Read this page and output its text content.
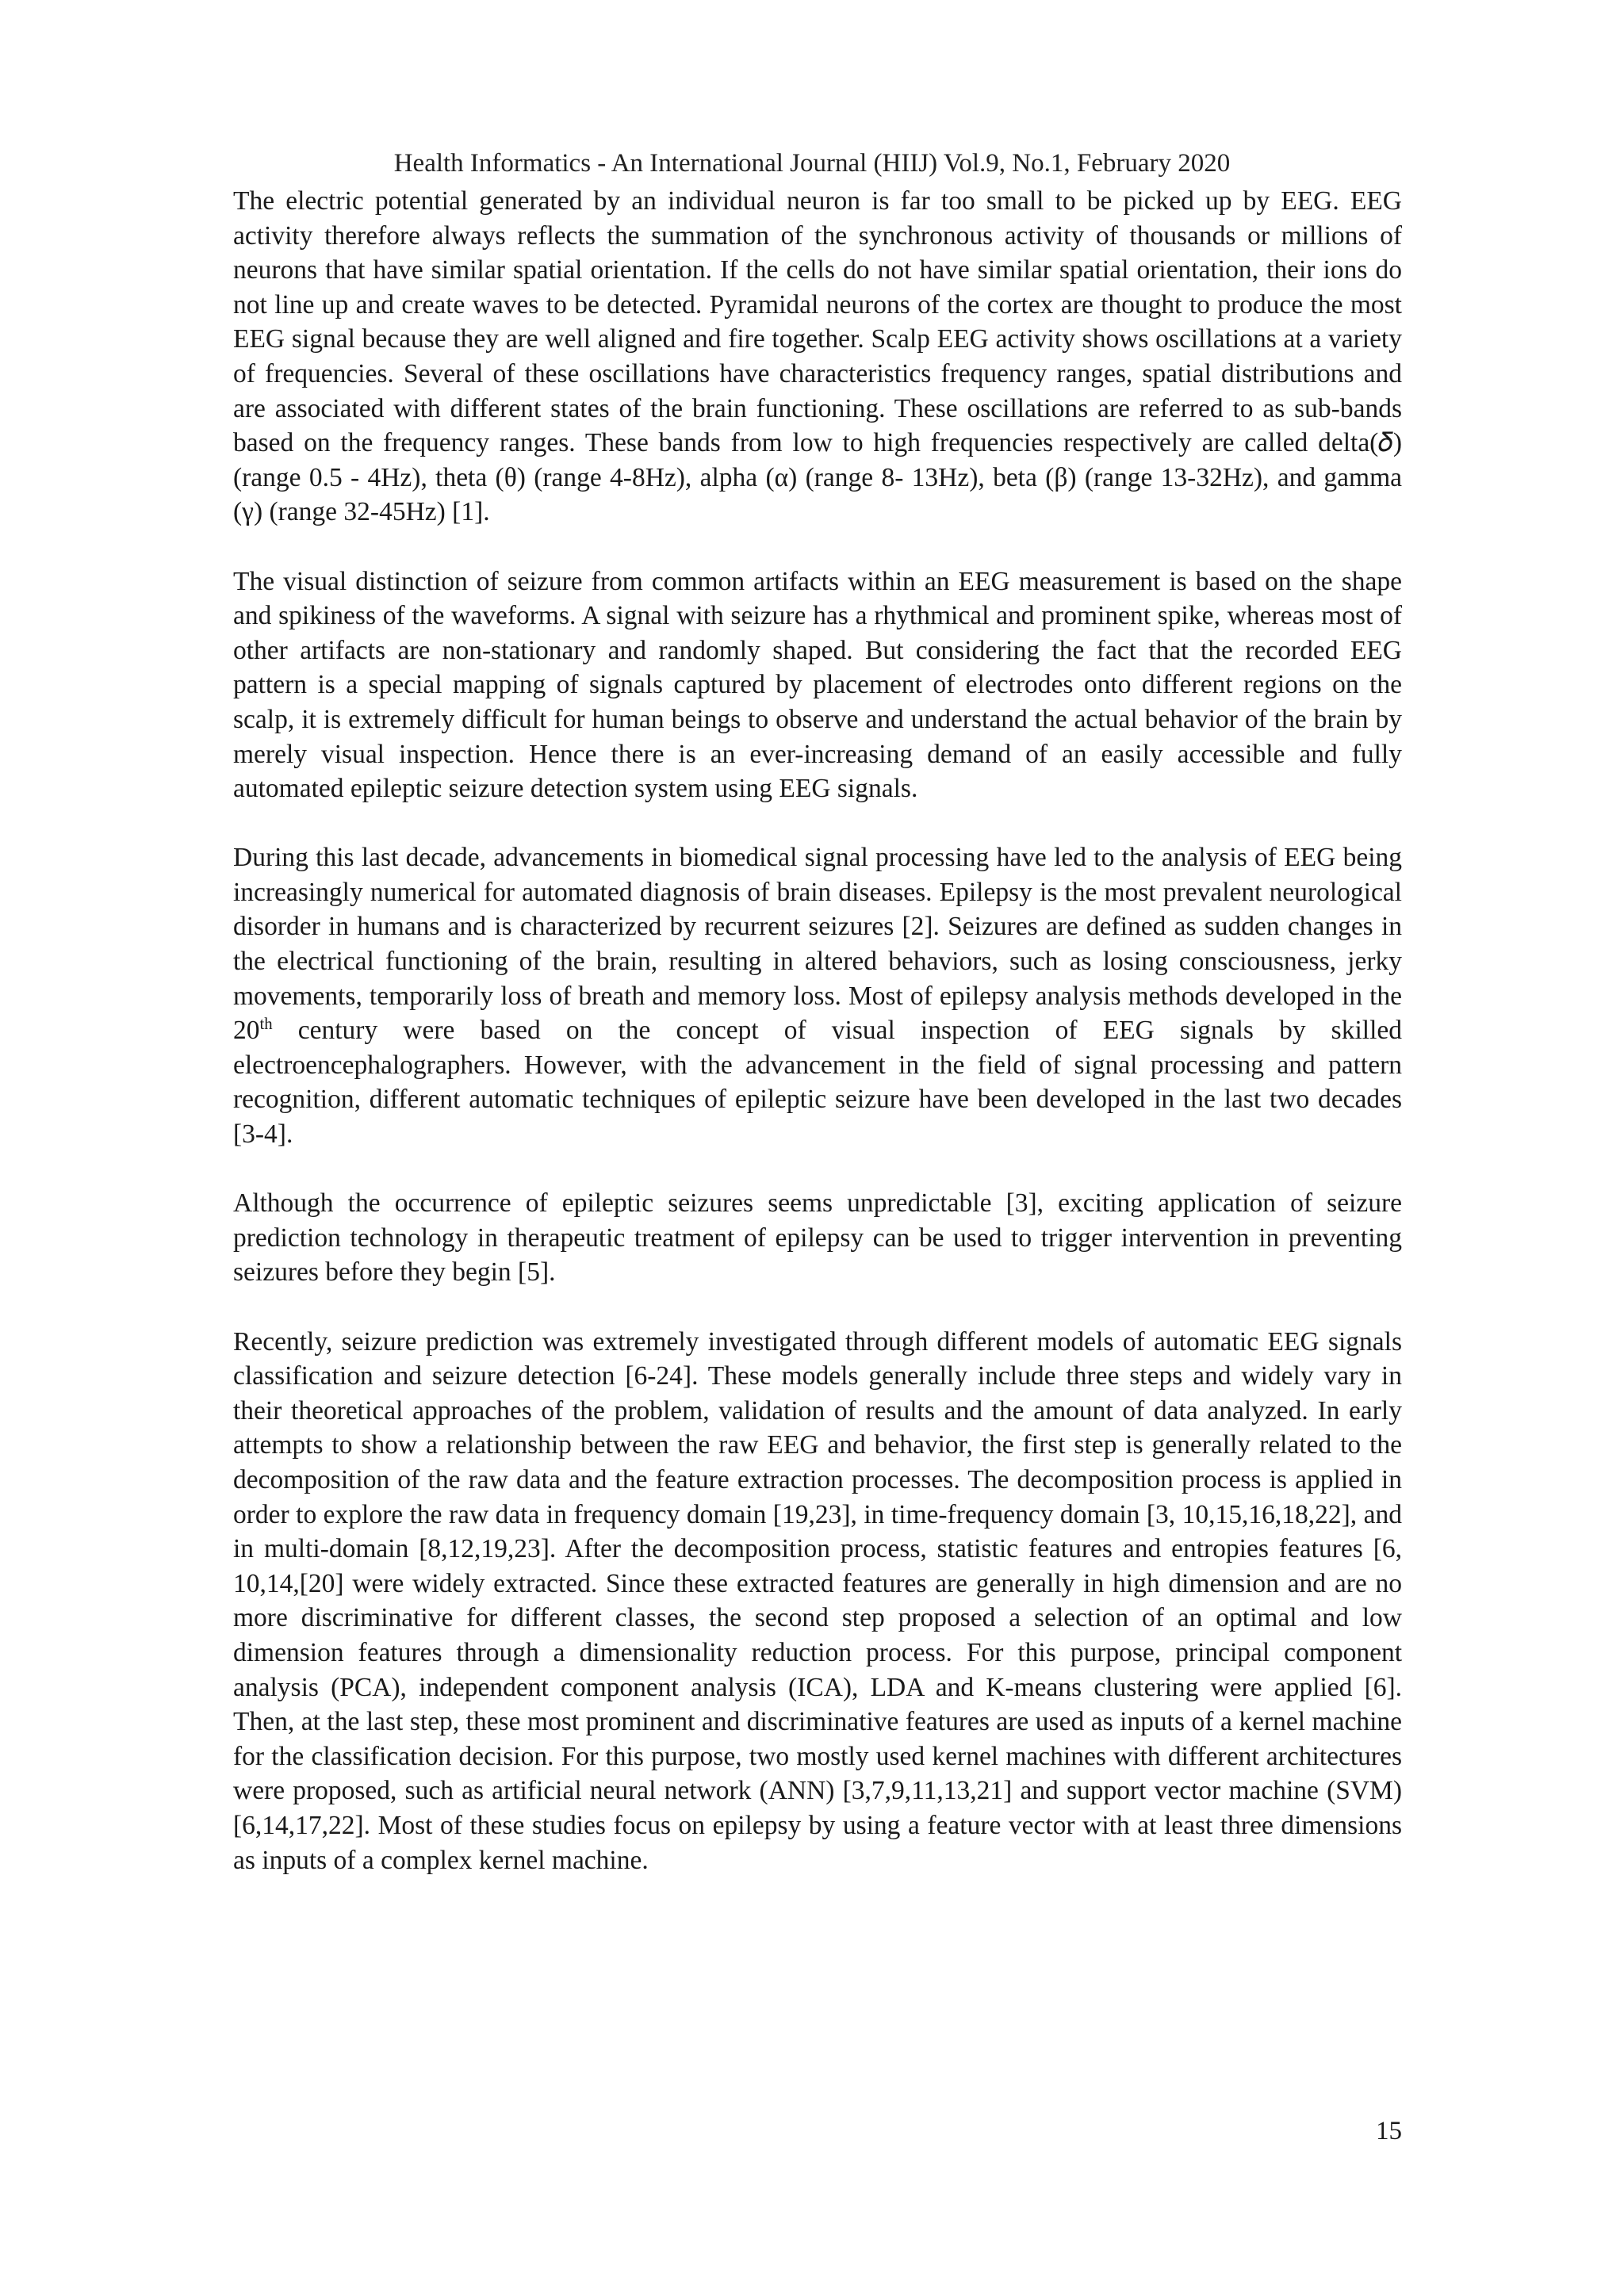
Health Informatics - An International Journal (HIIJ) Vol.9, No.1, February 2020

The electric potential generated by an individual neuron is far too small to be picked up by EEG. EEG activity therefore always reflects the summation of the synchronous activity of thousands or millions of neurons that have similar spatial orientation. If the cells do not have similar spatial orientation, their ions do not line up and create waves to be detected. Pyramidal neurons of the cortex are thought to produce the most EEG signal because they are well aligned and fire together. Scalp EEG activity shows oscillations at a variety of frequencies. Several of these oscillations have characteristics frequency ranges, spatial distributions and are associated with different states of the brain functioning. These oscillations are referred to as sub-bands based on the frequency ranges. These bands from low to high frequencies respectively are called delta(𝛿) (range 0.5 - 4Hz), theta (θ) (range 4-8Hz), alpha (α) (range 8- 13Hz), beta (β) (range 13-32Hz), and gamma (γ) (range 32-45Hz) [1].

The visual distinction of seizure from common artifacts within an EEG measurement is based on the shape and spikiness of the waveforms. A signal with seizure has a rhythmical and prominent spike, whereas most of other artifacts are non-stationary and randomly shaped. But considering the fact that the recorded EEG pattern is a special mapping of signals captured by placement of electrodes onto different regions on the scalp, it is extremely difficult for human beings to observe and understand the actual behavior of the brain by merely visual inspection. Hence there is an ever-increasing demand of an easily accessible and fully automated epileptic seizure detection system using EEG signals.

During this last decade, advancements in biomedical signal processing have led to the analysis of EEG being increasingly numerical for automated diagnosis of brain diseases. Epilepsy is the most prevalent neurological disorder in humans and is characterized by recurrent seizures [2]. Seizures are defined as sudden changes in the electrical functioning of the brain, resulting in altered behaviors, such as losing consciousness, jerky movements, temporarily loss of breath and memory loss. Most of epilepsy analysis methods developed in the 20th century were based on the concept of visual inspection of EEG signals by skilled electroencephalographers. However, with the advancement in the field of signal processing and pattern recognition, different automatic techniques of epileptic seizure have been developed in the last two decades [3-4].

Although the occurrence of epileptic seizures seems unpredictable [3], exciting application of seizure prediction technology in therapeutic treatment of epilepsy can be used to trigger intervention in preventing seizures before they begin [5].

Recently, seizure prediction was extremely investigated through different models of automatic EEG signals classification and seizure detection [6-24]. These models generally include three steps and widely vary in their theoretical approaches of the problem, validation of results and the amount of data analyzed. In early attempts to show a relationship between the raw EEG and behavior, the first step is generally related to the decomposition of the raw data and the feature extraction processes. The decomposition process is applied in order to explore the raw data in frequency domain [19,23], in time-frequency domain [3, 10,15,16,18,22], and in multi-domain [8,12,19,23]. After the decomposition process, statistic features and entropies features [6, 10,14,[20] were widely extracted. Since these extracted features are generally in high dimension and are no more discriminative for different classes, the second step proposed a selection of an optimal and low dimension features through a dimensionality reduction process. For this purpose, principal component analysis (PCA), independent component analysis (ICA), LDA and K-means clustering were applied [6]. Then, at the last step, these most prominent and discriminative features are used as inputs of a kernel machine for the classification decision. For this purpose, two mostly used kernel machines with different architectures were proposed, such as artificial neural network (ANN) [3,7,9,11,13,21] and support vector machine (SVM) [6,14,17,22]. Most of these studies focus on epilepsy by using a feature vector with at least three dimensions as inputs of a complex kernel machine.

15
